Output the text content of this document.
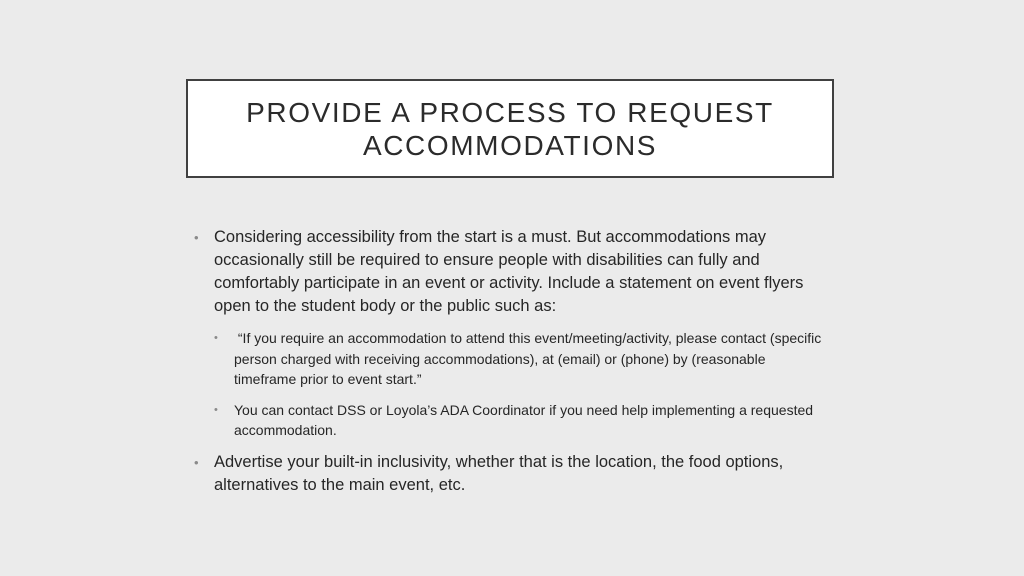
PROVIDE A PROCESS TO REQUEST
ACCOMMODATIONS
• Considering accessibility from the start is a must. But accommodations may occasionally still be required to ensure people with disabilities can fully and comfortably participate in an event or activity. Include a statement on event flyers open to the student body or the public such as:
• “If you require an accommodation to attend this event/meeting/activity, please contact (specific person charged with receiving accommodations), at (email) or (phone) by (reasonable timeframe prior to event start.”
• You can contact DSS or Loyola’s ADA Coordinator if you need help implementing a requested accommodation.
• Advertise your built-in inclusivity, whether that is the location, the food options, alternatives to the main event, etc.
